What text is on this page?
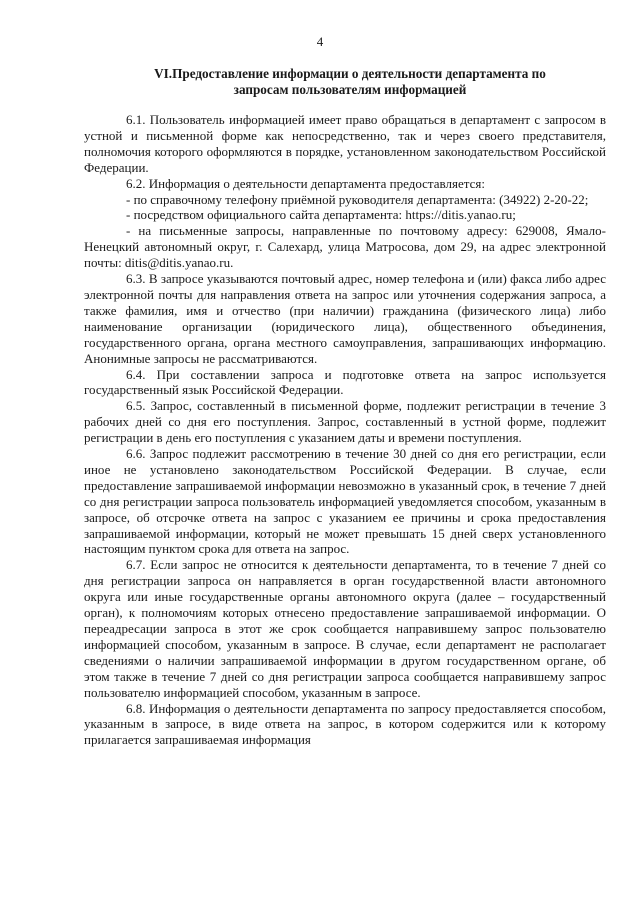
4
VI.Предоставление информации о деятельности департамента по
запросам пользователям информацией

6.1. Пользователь информацией имеет право обращаться в департамент с запросом в устной и письменной форме как непосредственно, так и через своего представителя, полномочия которого оформляются в порядке, установленном законодательством Российской Федерации.

6.2. Информация о деятельности департамента предоставляется:

- по справочному телефону приёмной руководителя департамента: (34922) 2-20-22;

- посредством официального сайта департамента: https://ditis.yanao.ru;

- на письменные запросы, направленные по почтовому адресу: 629008, Ямало-Ненецкий автономный округ, г. Салехард, улица Матросова, дом 29, на адрес электронной почты: ditis@ditis.yanao.ru.

6.3. В запросе указываются почтовый адрес, номер телефона и (или) факса либо адрес электронной почты для направления ответа на запрос или уточнения содержания запроса, а также фамилия, имя и отчество (при наличии) гражданина (физического лица) либо наименование организации (юридического лица), общественного объединения, государственного органа, органа местного самоуправления, запрашивающих информацию. Анонимные запросы не рассматриваются.

6.4. При составлении запроса и подготовке ответа на запрос используется государственный язык Российской Федерации.

6.5. Запрос, составленный в письменной форме, подлежит регистрации в течение 3 рабочих дней со дня его поступления. Запрос, составленный в устной форме, подлежит регистрации в день его поступления с указанием даты и времени поступления.

6.6. Запрос подлежит рассмотрению в течение 30 дней со дня его регистрации, если иное не установлено законодательством Российской Федерации. В случае, если предоставление запрашиваемой информации невозможно в указанный срок, в течение 7 дней со дня регистрации запроса пользователь информацией уведомляется способом, указанным в запросе, об отсрочке ответа на запрос с указанием ее причины и срока предоставления запрашиваемой информации, который не может превышать 15 дней сверх установленного настоящим пунктом срока для ответа на запрос.

6.7. Если запрос не относится к деятельности департамента, то в течение 7 дней со дня регистрации запроса он направляется в орган государственной власти автономного округа или иные государственные органы автономного округа (далее – государственный орган), к полномочиям которых отнесено предоставление запрашиваемой информации. О переадресации запроса в этот же срок сообщается направившему запрос пользователю информацией способом, указанным в запросе. В случае, если департамент не располагает сведениями о наличии запрашиваемой информации в другом государственном органе, об этом также в течение 7 дней со дня регистрации запроса сообщается направившему запрос пользователю информацией способом, указанным в запросе.

6.8. Информация о деятельности департамента по запросу предоставляется способом, указанным в запросе, в виде ответа на запрос, в котором содержится или к которому прилагается запрашиваемая информация
